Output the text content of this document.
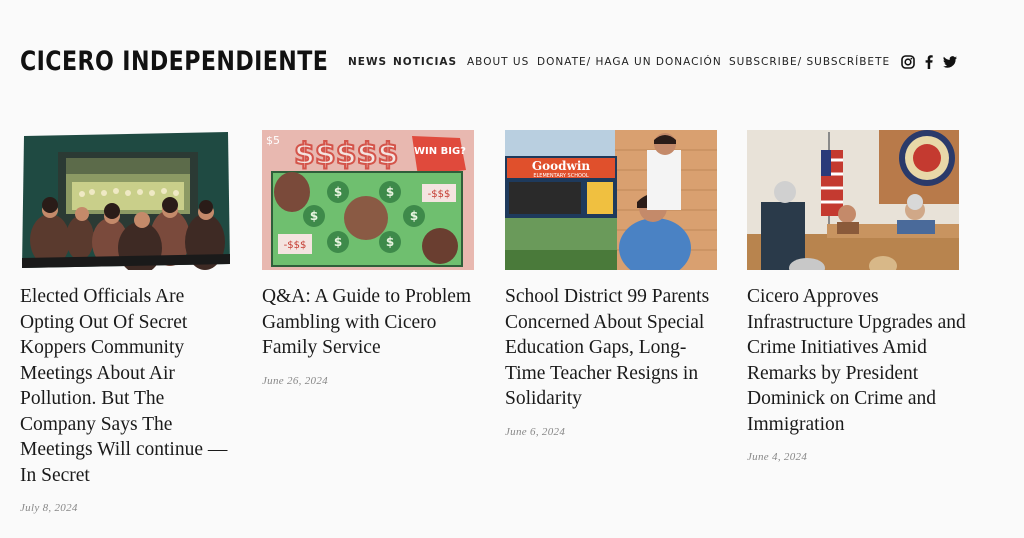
CICERO INDEPENDIENTE NEWS NOTICIAS ABOUT US DONATE/ HAGA UN DONACIÓN SUBSCRIBE/ SUBSCRÍBETE
Elected Officials Are Opting Out Of Secret Koppers Community Meetings About Air Pollution. But The Company Says The Meetings Will continue — In Secret
July 8, 2024
$5 $$$$$ WIN BIG?
$	$
$	$
$	$
-$$$
-$$$
Q&A: A Guide to Problem Gambling with Cicero Family Service
June 26, 2024
Goodwin
ELEMENTARY SCHOOL
School District 99 Parents Concerned About Special Education Gaps, Long-Time Teacher Resigns in Solidarity
June 6, 2024
Cicero Approves Infrastructure Upgrades and Crime Initiatives Amid Remarks by President Dominick on Crime and Immigration
June 4, 2024
